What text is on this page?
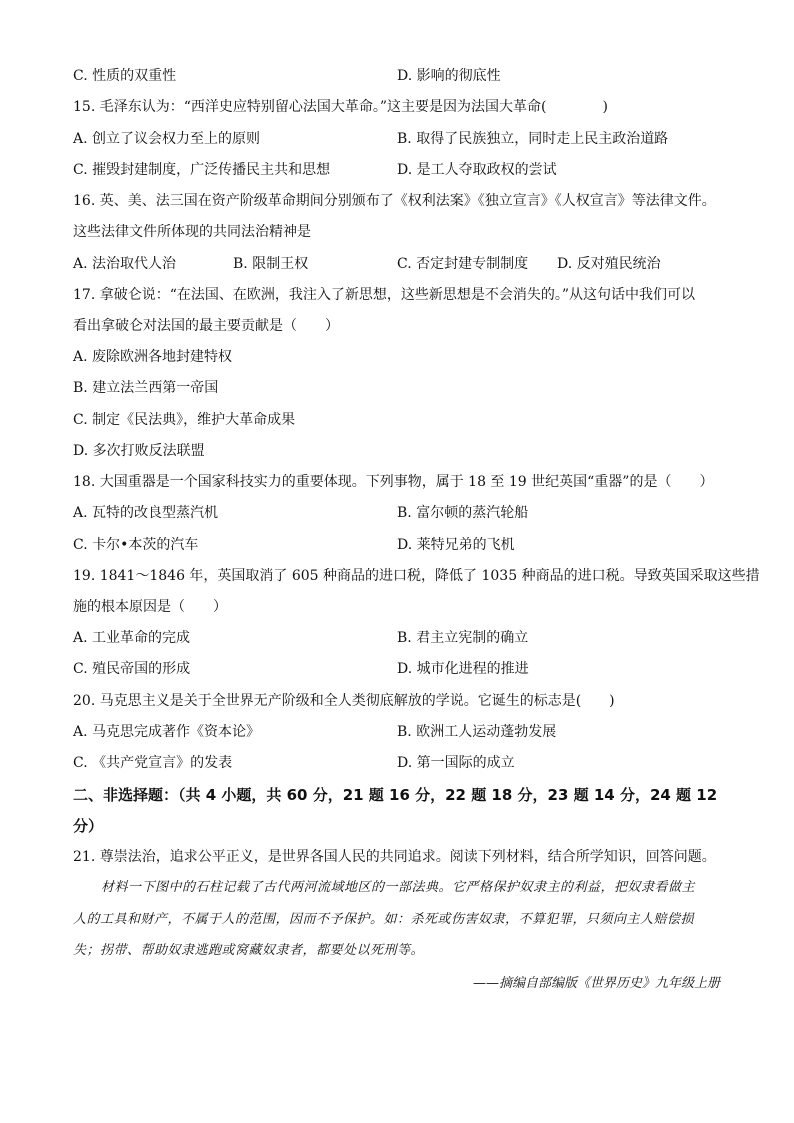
C. 性质的双重性	D. 影响的彻底性
15. 毛泽东认为：“西洋史应特别留心法国大革命。”这主要是因为法国大革命(　　　　)
A. 创立了议会权力至上的原则	B. 取得了民族独立，同时走上民主政治道路
C. 摧毁封建制度，广泛传播民主共和思想	D. 是工人夺取政权的尝试
16. 英、美、法三国在资产阶级革命期间分别颁布了《权利法案》《独立宣言》《人权宣言》等法律文件。
这些法律文件所体现的共同法治精神是
A. 法治取代人治	B. 限制王权	C. 否定封建专制制度 D. 反对殖民统治
17. 拿破仑说：“在法国、在欧洲，我注入了新思想，这些新思想是不会消失的。”从这句话中我们可以
看出拿破仑对法国的最主要贡献是（　　）
A. 废除欧洲各地封建特权
B. 建立法兰西第一帝国
C. 制定《民法典》，维护大革命成果
D. 多次打败反法联盟
18. 大国重器是一个国家科技实力的重要体现。下列事物，属于 18 至 19 世纪英国“重器”的是（　　）
A. 瓦特的改良型蒸汽机	B. 富尔顿的蒸汽轮船
C. 卡尔•本茨的汽车	D. 莱特兄弟的飞机
19. 1841～1846 年，英国取消了 605 种商品的进口税，降低了 1035 种商品的进口税。导致英国采取这些措
施的根本原因是（　　）
A. 工业革命的完成	B. 君主立宪制的确立
C. 殖民帝国的形成	D. 城市化进程的推进
20. 马克思主义是关于全世界无产阶级和全人类彻底解放的学说。它诞生的标志是(　　)
A. 马克思完成著作《资本论》	B. 欧洲工人运动蓬勃发展
C. 《共产党宣言》的发表	D. 第一国际的成立
二、非选择题：（共 4 小题，共 60 分，21 题 16 分，22 题 18 分，23 题 14 分，24 题 12
分）
21. 尊崇法治，追求公平正义，是世界各国人民的共同追求。阅读下列材料，结合所学知识，回答问题。
材料一下图中的石柱记载了古代两河流域地区的一部法典。它严格保护奴隶主的利益，把奴隶看做主
人的工具和财产，不属于人的范围，因而不予保护。如：杀死或伤害奴隶，不算犯罪，只须向主人赔偿损
失；拐带、帮助奴隶逃跑或窝藏奴隶者，都要处以死刑等。
——摘编自部编版《世界历史》九年级上册
